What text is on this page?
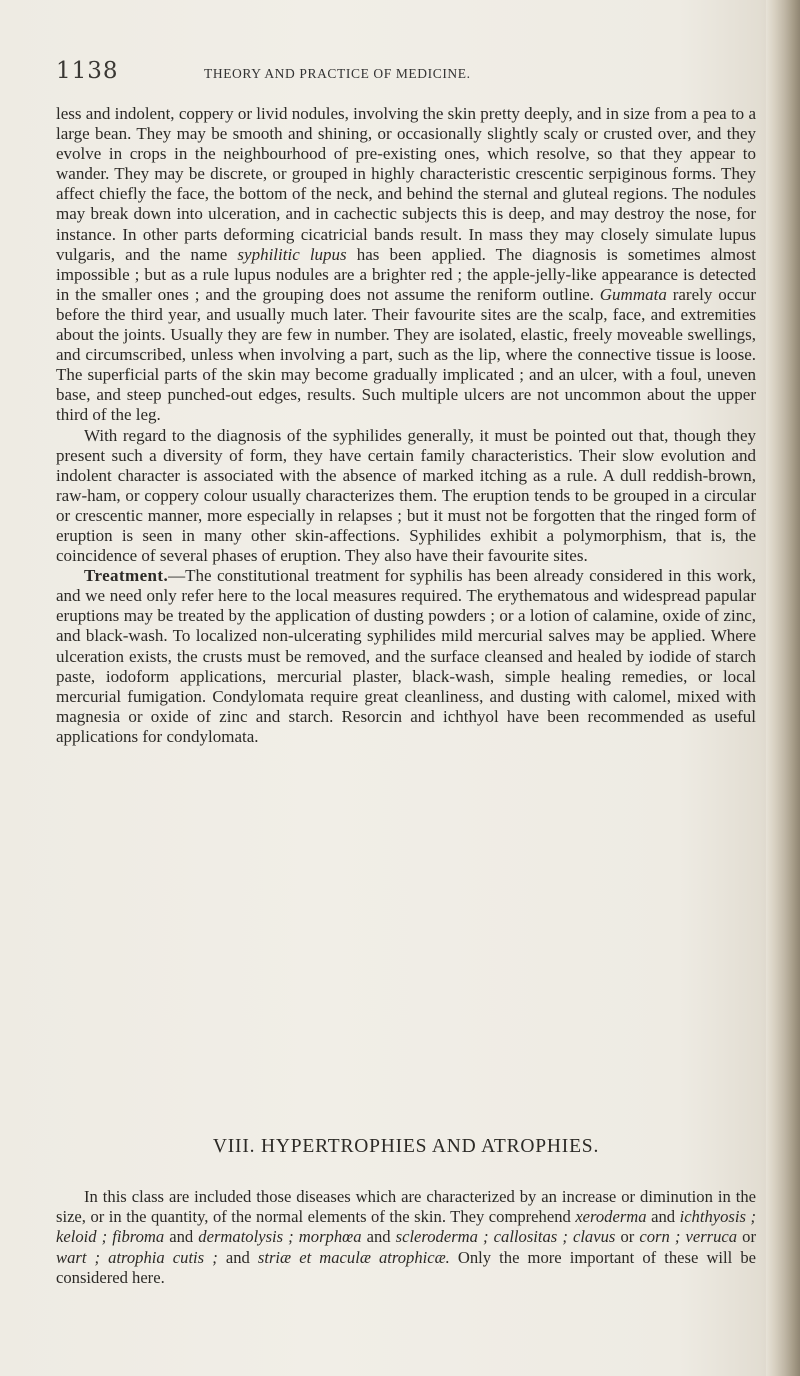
1138	THEORY AND PRACTICE OF MEDICINE.

less and indolent, coppery or livid nodules, involving the skin pretty deeply, and in size from a pea to a large bean. They may be smooth and shining, or occasionally slightly scaly or crusted over, and they evolve in crops in the neighbourhood of pre-existing ones, which resolve, so that they appear to wander. They may be discrete, or grouped in highly characteristic crescentic serpiginous forms. They affect chiefly the face, the bottom of the neck, and behind the sternal and gluteal regions. The nodules may break down into ulceration, and in cachectic subjects this is deep, and may destroy the nose, for instance. In other parts deforming cicatricial bands result. In mass they may closely simulate lupus vulgaris, and the name syphilitic lupus has been applied. The diagnosis is sometimes almost impossible ; but as a rule lupus nodules are a brighter red ; the apple-jelly-like appearance is detected in the smaller ones ; and the grouping does not assume the reniform outline. Gummata rarely occur before the third year, and usually much later. Their favourite sites are the scalp, face, and extremities about the joints. Usually they are few in number. They are isolated, elastic, freely moveable swellings, and circumscribed, unless when involving a part, such as the lip, where the connective tissue is loose. The superficial parts of the skin may become gradually implicated ; and an ulcer, with a foul, uneven base, and steep punched-out edges, results. Such multiple ulcers are not uncommon about the upper third of the leg.

With regard to the diagnosis of the syphilides generally, it must be pointed out that, though they present such a diversity of form, they have certain family characteristics. Their slow evolution and indolent character is associated with the absence of marked itching as a rule. A dull reddish-brown, raw-ham, or coppery colour usually characterizes them. The eruption tends to be grouped in a circular or crescentic manner, more especially in relapses ; but it must not be forgotten that the ringed form of eruption is seen in many other skin-affections. Syphilides exhibit a polymorphism, that is, the coincidence of several phases of eruption. They also have their favourite sites.

Treatment.—The constitutional treatment for syphilis has been already considered in this work, and we need only refer here to the local measures required. The erythematous and widespread papular eruptions may be treated by the application of dusting powders ; or a lotion of calamine, oxide of zinc, and black-wash. To localized non-ulcerating syphilides mild mercurial salves may be applied. Where ulceration exists, the crusts must be removed, and the surface cleansed and healed by iodide of starch paste, iodoform applications, mercurial plaster, black-wash, simple healing remedies, or local mercurial fumigation. Condylomata require great cleanliness, and dusting with calomel, mixed with magnesia or oxide of zinc and starch. Resorcin and ichthyol have been recommended as useful applications for condylomata.

VIII. HYPERTROPHIES AND ATROPHIES.

In this class are included those diseases which are characterized by an increase or diminution in the size, or in the quantity, of the normal elements of the skin. They comprehend xeroderma and ichthyosis ; keloid ; fibroma and dermatolysis ; morphœa and scleroderma ; callositas ; clavus or corn ; verruca or wart ; atrophia cutis ; and striæ et maculæ atrophicæ. Only the more important of these will be considered here.
